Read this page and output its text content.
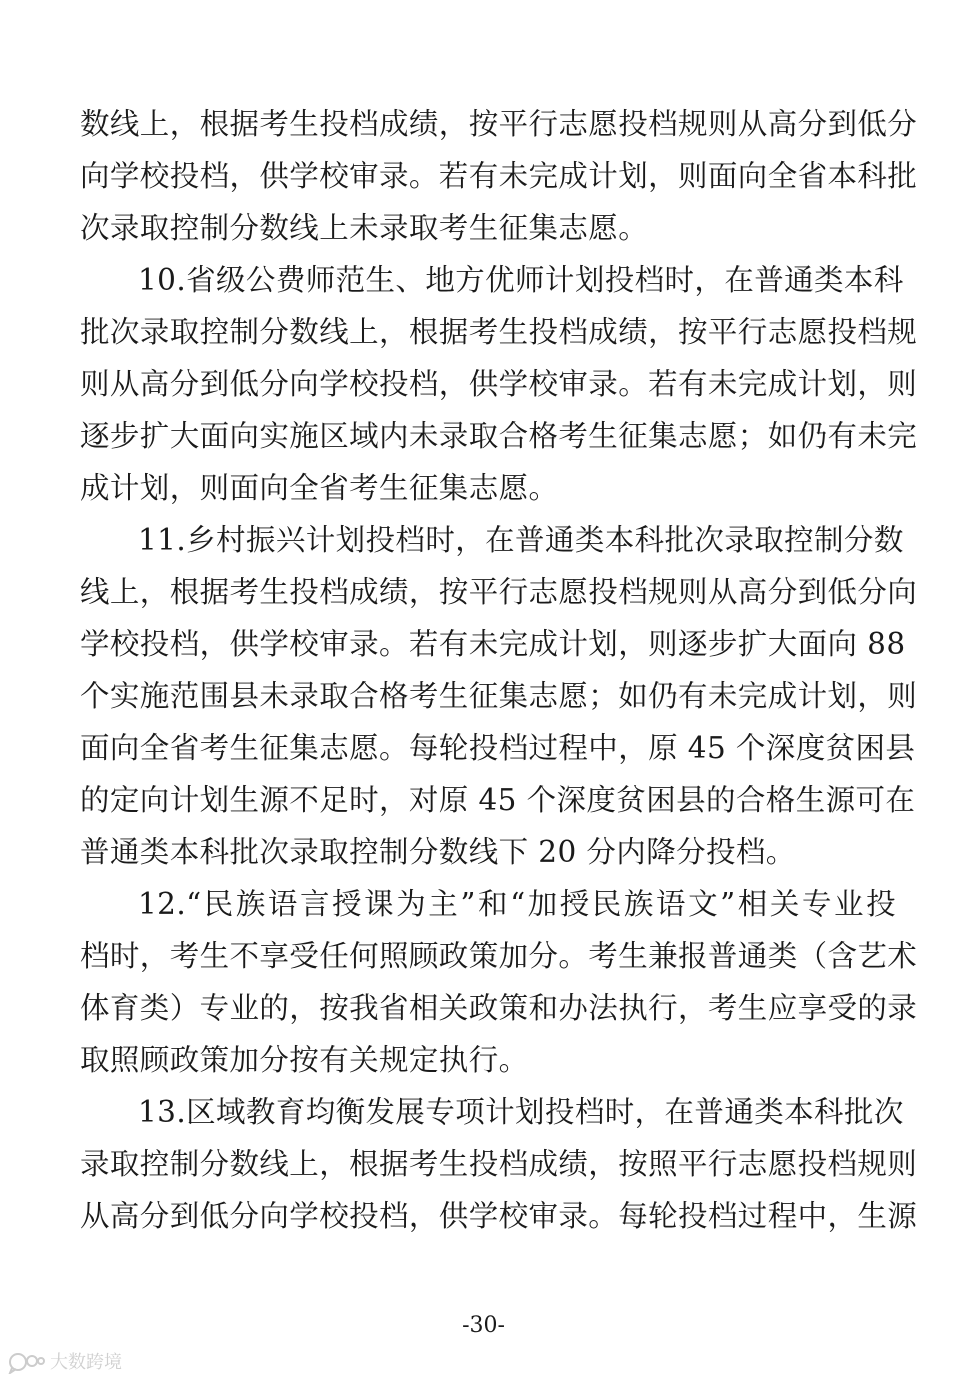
数线上，根据考生投档成绩，按平行志愿投档规则从高分到低分
向学校投档，供学校审录。若有未完成计划，则面向全省本科批
次录取控制分数线上未录取考生征集志愿。
10.省级公费师范生、地方优师计划投档时，在普通类本科
批次录取控制分数线上，根据考生投档成绩，按平行志愿投档规
则从高分到低分向学校投档，供学校审录。若有未完成计划，则
逐步扩大面向实施区域内未录取合格考生征集志愿；如仍有未完
成计划，则面向全省考生征集志愿。
11.乡村振兴计划投档时，在普通类本科批次录取控制分数
线上，根据考生投档成绩，按平行志愿投档规则从高分到低分向
学校投档，供学校审录。若有未完成计划，则逐步扩大面向 88
个实施范围县未录取合格考生征集志愿；如仍有未完成计划，则
面向全省考生征集志愿。每轮投档过程中，原 45 个深度贫困县
的定向计划生源不足时，对原 45 个深度贫困县的合格生源可在
普通类本科批次录取控制分数线下 20 分内降分投档。
12.“民族语言授课为主”和“加授民族语文”相关专业投
档时，考生不享受任何照顾政策加分。考生兼报普通类（含艺术
体育类）专业的，按我省相关政策和办法执行，考生应享受的录
取照顾政策加分按有关规定执行。
13.区域教育均衡发展专项计划投档时，在普通类本科批次
录取控制分数线上，根据考生投档成绩，按照平行志愿投档规则
从高分到低分向学校投档，供学校审录。每轮投档过程中，生源
-30-
大数跨境
